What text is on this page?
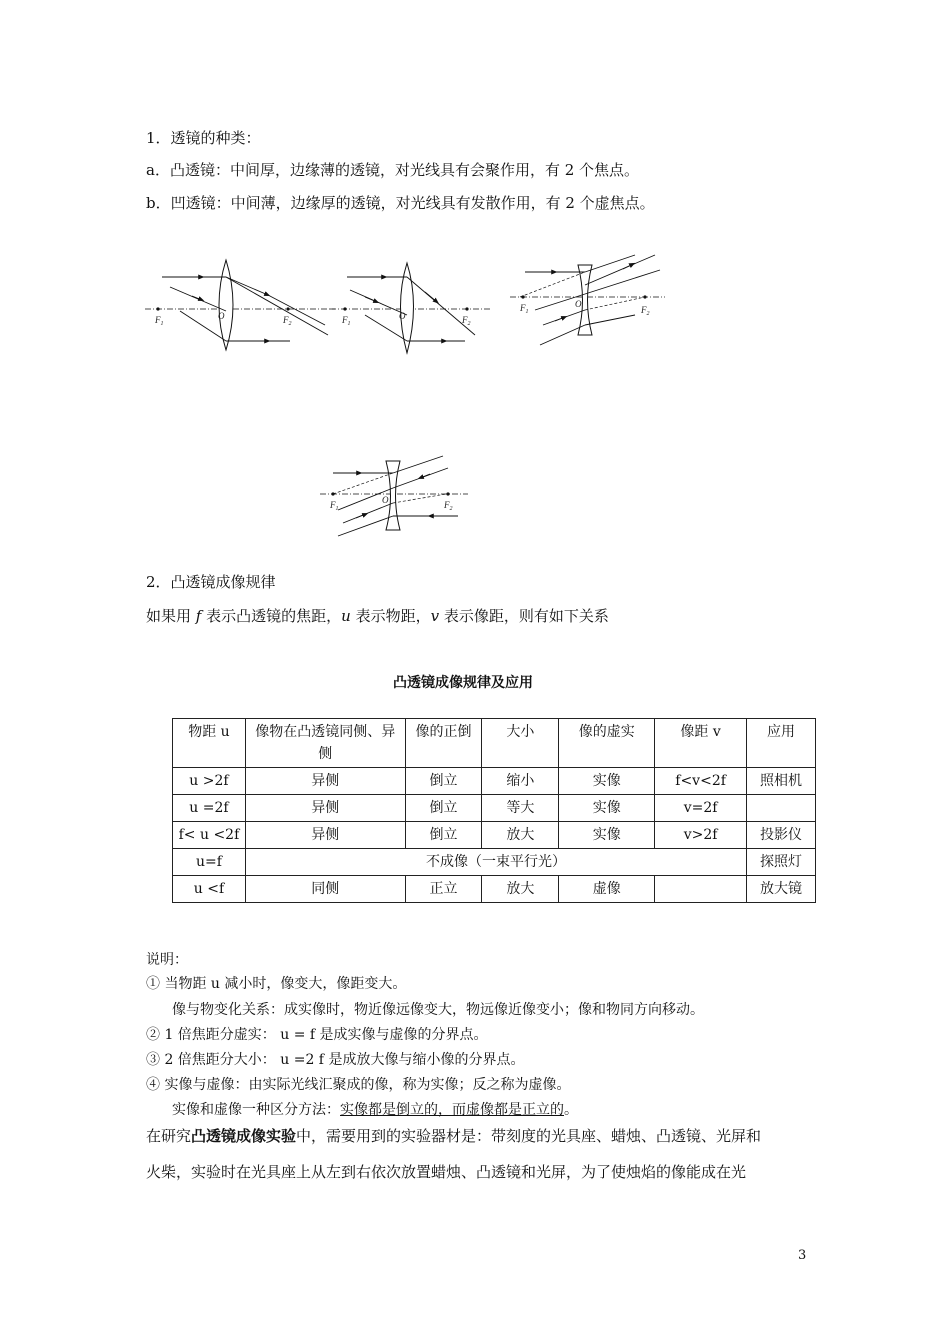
1．透镜的种类：
a．凸透镜：中间厚，边缘薄的透镜，对光线具有会聚作用，有 2 个焦点。
b．凹透镜：中间薄，边缘厚的透镜，对光线具有发散作用，有 2 个虚焦点。
$F_1$
O	$F_2$	$F_1$
O	$F_2$
$F_1$
O
$F_2$
$F_1$
O	$F_2$
2．凸透镜成像规律
如果用 f 表示凸透镜的焦距，u 表示物距，v 表示像距，则有如下关系
凸透镜成像规律及应用
物距 u	像物在凸透镜同侧、异侧	像的正倒	大小	像的虚实	像距 v	应用
u >2f	异侧	倒立	缩小	实像	f<v<2f	照相机
u =2f	异侧	倒立	等大	实像	v=2f	
f< u <2f	异侧	倒立	放大	实像	v>2f	投影仪
u=f	不成像（一束平行光）					探照灯
u <f	同侧	正立	放大	虚像		放大镜
说明：
① 当物距 u 减小时，像变大，像距变大。
像与物变化关系：成实像时，物近像远像变大，物远像近像变小；像和物同方向移动。
② 1 倍焦距分虚实： u = f 是成实像与虚像的分界点。
③ 2 倍焦距分大小： u =2 f 是成放大像与缩小像的分界点。
④ 实像与虚像：由实际光线汇聚成的像，称为实像；反之称为虚像。
实像和虚像一种区分方法：实像都是倒立的，而虚像都是正立的。
在研究凸透镜成像实验中，需要用到的实验器材是：带刻度的光具座、蜡烛、凸透镜、光屏和
火柴，实验时在光具座上从左到右依次放置蜡烛、凸透镜和光屏，为了使烛焰的像能成在光
3
